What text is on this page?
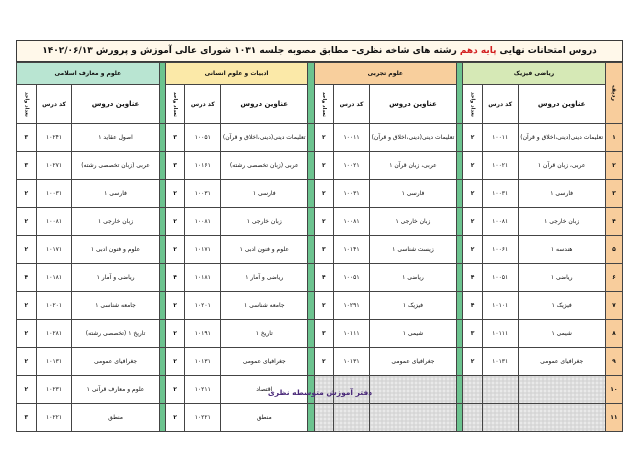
دروس امتحانات نهایی
پایه دهم
رشته های شاخه نظری– مطابق مصوبه جلسه ۱۰۳۱ شورای عالی آموزش و پرورش ۱۴۰۲/۰۶/۱۳
ردیف	ریاضی فیزیک				علوم تجربی				ادبیات و علوم انسانی				علوم و معارف اسلامی		
	عناوین دروس	کد درس	تعداد واحد		عناوین دروس	کد درس	تعداد واحد		عناوین دروس	کد درس	تعداد واحد		عناوین دروس	کد درس	تعداد واحد
۱	تعلیمات دینی(دینی،اخلاق و قرآن)	۱۰۰۱۱	۲		تعلیمات دینی(دینی،اخلاق و قرآن)	۱۰۰۱۱	۲		تعلیمات دینی(دینی،اخلاق و قرآن)	۱۰۰۵۱	۳		اصول عقاید ۱	۱۰۲۴۱	۳
۲	عربی، زبان قرآن ۱	۱۰۰۲۱	۲		عربی، زبان قرآن ۱	۱۰۰۲۱	۲		عربی (زبان تخصصی رشته)	۱۰۱۶۱	۳		عربی (زبان تخصصی رشته)	۱۰۲۷۱	۳
۳	فارسی ۱	۱۰۰۳۱	۲		فارسی ۱	۱۰۰۳۱	۲		فارسی ۱	۱۰۰۳۱	۲		فارسی ۱	۱۰۰۳۱	۲
۴	زبان خارجی ۱	۱۰۰۸۱	۲		زبان خارجی ۱	۱۰۰۸۱	۲		زبان خارجی ۱	۱۰۰۸۱	۲		زبان خارجی ۱	۱۰۰۸۱	۲
۵	هندسه ۱	۱۰۰۶۱	۲		زیست شناسی ۱	۱۰۱۴۱	۳		علوم و فنون ادبی ۱	۱۰۱۷۱	۲		علوم و فنون ادبی ۱	۱۰۱۷۱	۲
۶	ریاضی ۱	۱۰۰۵۱	۴		ریاضی ۱	۱۰۰۵۱	۴		ریاضی و آمار ۱	۱۰۱۸۱	۴		ریاضی و آمار ۱	۱۰۱۸۱	۴
۷	فیزیک ۱	۱۰۱۰۱	۴		فیزیک ۱	۱۰۲۹۱	۲		جامعه شناسی ۱	۱۰۲۰۱	۲		جامعه شناسی ۱	۱۰۲۰۱	۲
۸	شیمی ۱	۱۰۱۱۱	۳		شیمی ۱	۱۰۱۱۱	۳		تاریخ ۱	۱۰۱۹۱	۲		تاریخ ۱ (تخصصی رشته)	۱۰۲۸۱	۲
۹	جغرافیای عمومی	۱۰۱۳۱	۲		جغرافیای عمومی	۱۰۱۳۱	۲		جغرافیای عمومی	۱۰۱۳۱	۲		جغرافیای عمومی	۱۰۱۳۱	۲
۱۰									اقتصاد	۱۰۲۱۱	۲		علوم و معارف قرآنی ۱	۱۰۲۳۱	۲
۱۱									منطق	۱۰۲۲۱	۲		منطق	۱۰۲۲۱	۳
دفتر آموزش متوسطه نظری
